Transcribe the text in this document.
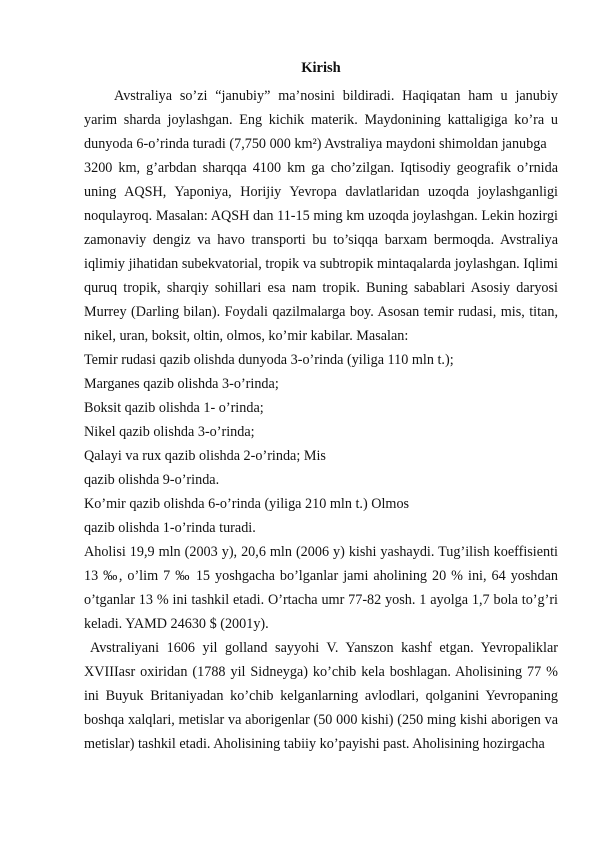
Kirish

Avstraliya so’zi “janubiy” ma’nosini bildiradi. Haqiqatan ham u janubiy yarim sharda joylashgan. Eng kichik materik. Maydonining kattaligiga ko’ra u dunyoda 6-o’rinda turadi (7,750 000 km²) Avstraliya maydoni shimoldan janubga

3200 km, g’arbdan sharqqa 4100 km ga cho’zilgan. Iqtisodiy geografik o’rnida uning AQSH, Yaponiya, Horijiy Yevropa davlatlaridan uzoqda joylashganligi noqulayroq. Masalan: AQSH dan 11-15 ming km uzoqda joylashgan. Lekin hozirgi zamonaviy dengiz va havo transporti bu to’siqqa barxam bermoqda. Avstraliya iqlimiy jihatidan subekvatorial, tropik va subtropik mintaqalarda joylashgan. Iqlimi quruq tropik, sharqiy sohillari esa nam tropik. Buning sabablari Asosiy daryosi Murrey (Darling bilan). Foydali qazilmalarga boy. Asosan temir rudasi, mis, titan, nikel, uran, boksit, oltin, olmos, ko’mir kabilar. Masalan:

Temir rudasi qazib olishda dunyoda 3-o’rinda (yiliga 110 mln t.);
Marganes qazib olishda 3-o’rinda;
Boksit qazib olishda 1- o’rinda;
Nikel qazib olishda 3-o’rinda;
Qalayi va rux qazib olishda 2-o’rinda; Mis
qazib olishda 9-o’rinda.
Ko’mir qazib olishda 6-o’rinda (yiliga 210 mln t.) Olmos
qazib olishda 1-o’rinda turadi.

Aholisi 19,9 mln (2003 y), 20,6 mln (2006 y) kishi yashaydi. Tug’ilish koeffisienti 13 ‰, o’lim 7 ‰ 15 yoshgacha bo’lganlar jami aholining 20 % ini, 64 yoshdan o’tganlar 13 % ini tashkil etadi. O’rtacha umr 77-82 yosh. 1 ayolga 1,7 bola to’g’ri keladi. YAMD 24630 $ (2001y).

Avstraliyani 1606 yil golland sayyohi V. Yanszon kashf etgan. Yevropaliklar XVIIIasr oxiridan (1788 yil Sidneyga) ko’chib kela boshlagan. Aholisining 77 % ini Buyuk Britaniyadan ko’chib kelganlarning avlodlari, qolganini Yevropaning boshqa xalqlari, metislar va aborigenlar (50 000 kishi) (250 ming kishi aborigen va metislar) tashkil etadi. Aholisining tabiiy ko’payishi past. Aholisining hozirgacha
